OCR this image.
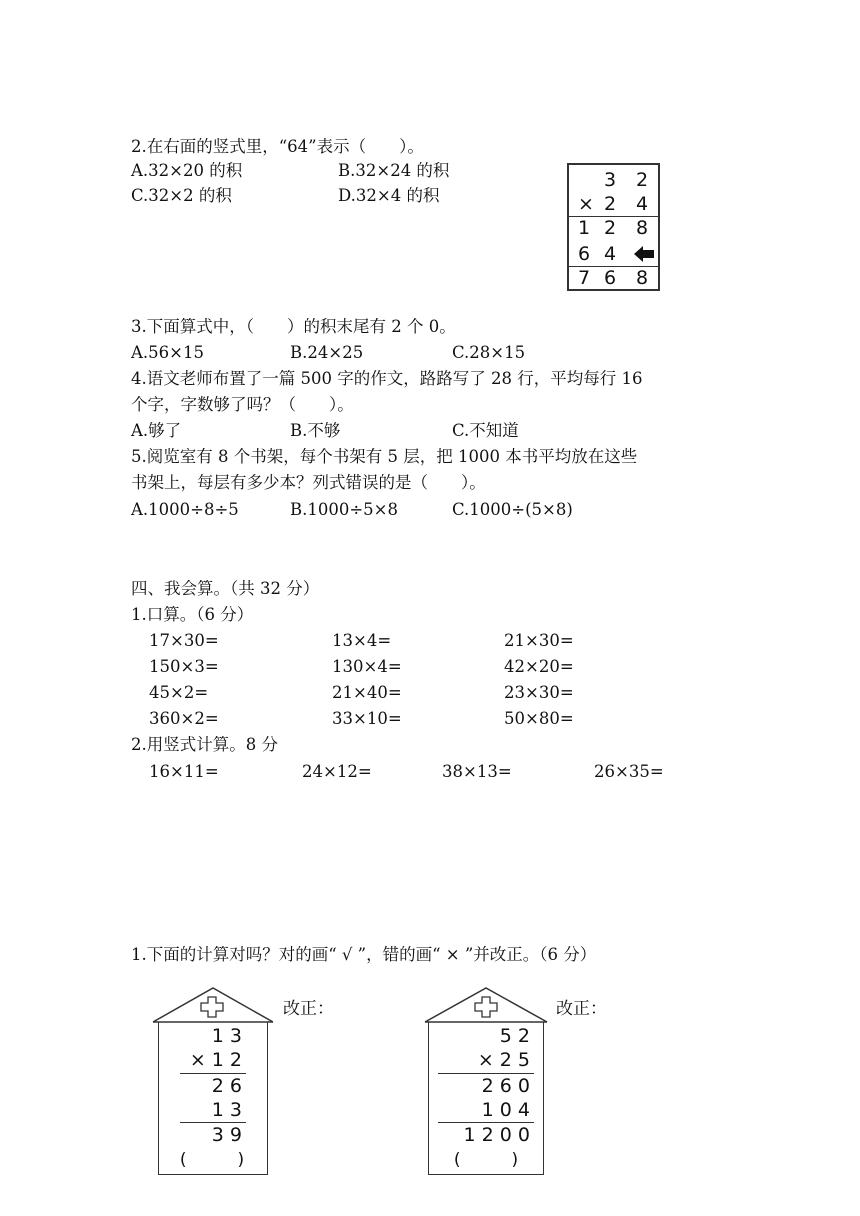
2.在右面的竖式里，“64”表示（　　）。
A.32×20 的积	B.32×24 的积
C.32×2 的积	D.32×4 的积
3 2
× 2 4
1 2 8
6 4
7 6 8
3.下面算式中，（　　）的积末尾有 2 个 0。
A.56×15	B.24×25	C.28×15
4.语文老师布置了一篇 500 字的作文，路路写了 28 行，平均每行 16
个字，字数够了吗？（　　）。
A.够了	B.不够	C.不知道
5.阅览室有 8 个书架，每个书架有 5 层，把 1000 本书平均放在这些
书架上，每层有多少本？列式错误的是（　　）。
A.1000÷8÷5	B.1000÷5×8	C.1000÷(5×8)
四、我会算。（共 32 分）
1.口算。（6 分）
17×30=	13×4=	21×30=
150×3=	130×4=	42×20=
45×2=	21×40=	23×30=
360×2=	33×10=	50×80=
2.用竖式计算。8 分
16×11=	24×12=	38×13=	26×35=
1.下面的计算对吗？对的画“ √ ”，错的画“ × ”并改正。（6 分）
1 3
× 1 2
2 6
1 3
3 9
(　　　)
改正：
5 2
× 2 5
2 6 0
1 0 4
1 2 0 0
(　　　)
改正：
